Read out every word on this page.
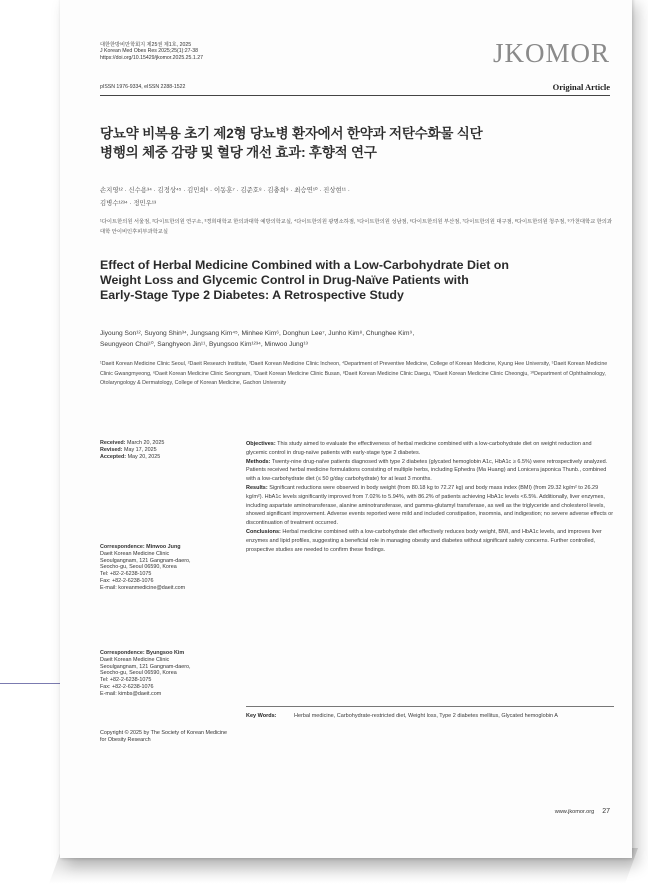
대한한방비만학회지 제25권 제1호, 2025
J Korean Med Obes Res 2025;25(1):27-38
https://doi.org/10.15429/jkomor.2025.25.1.27	JKOMOR
pISSN 1976-9334, eISSN 2288-1522	Original Article
당뇨약 비복용 초기 제2형 당뇨병 환자에서 한약과 저탄수화물 식단
병행의 체중 감량 및 혈당 개선 효과: 후향적 연구
손지영¹² · 신수용³⁴ · 김정상⁴⁵ · 김민희⁶ · 이동훈⁷ · 김준호⁸ · 김충희⁹ · 최승연¹⁰ · 진상현¹¹ ·
김병수¹²³⁴ · 정민우¹³
¹다이트한의원 서울점, ²다이트한의원 연구소, ³경희대학교 한의과대학 예방의학교실, ⁴다이트한의원 광명소하점, ⁵다이트한의원 성남점, ⁶다이트한의원 부산점, ⁷다이트한의원 대구점, ⁸다이트한의원 청주점, ⁹가천대학교 한의과대학 안이비인후피부과학교실
Effect of Herbal Medicine Combined with a Low-Carbohydrate Diet on
Weight Loss and Glycemic Control in Drug-Naïve Patients with
Early-Stage Type 2 Diabetes: A Retrospective Study
Jiyoung Son¹², Suyong Shin³⁴, Jungsang Kim⁴⁵, Minhee Kim⁶, Donghun Lee⁷, Junho Kim⁸, Chunghee Kim⁹,
Seungyeon Choi¹⁰, Sanghyeon Jin¹¹, Byungsoo Kim¹²³⁴, Minwoo Jung¹³
¹Daeit Korean Medicine Clinic Seoul, ²Daeit Research Institute, ³Daeit Korean Medicine Clinic Incheon, ⁴Department of Preventive Medicine, College of Korean Medicine, Kyung Hee University, ⁵Daeit Korean Medicine Clinic Gwangmyeong, ⁶Daeit Korean Medicine Clinic Seongnam, ⁷Daeit Korean Medicine Clinic Busan, ⁸Daeit Korean Medicine Clinic Daegu, ⁹Daeit Korean Medicine Clinic Cheongju, ¹⁰Department of Ophthalmology, Otolaryngology & Dermatology, College of Korean Medicine, Gachon University
Received: March 20, 2025
Revised: May 17, 2025
Accepted: May 20, 2025
Correspondence: Minwoo Jung
Daeit Korean Medicine Clinic
Seoulgangnam, 121 Gangnam-daero,
Seocho-gu, Seoul 06590, Korea
Tel: +82-2-6238-1075
Fax: +82-2-6238-1076
E-mail: koreanmedicine@daeit.com
Correspondence: Byungsoo Kim
Daeit Korean Medicine Clinic
Seoulgangnam, 121 Gangnam-daero,
Seocho-gu, Seoul 06590, Korea
Tel: +82-2-6238-1075
Fax: +82-2-6238-1076
E-mail: kimbs@daeit.com
Copyright © 2025 by The Society of Korean Medicine for Obesity Research
Objectives: This study aimed to evaluate the effectiveness of herbal medicine combined with a low-carbohydrate diet on weight reduction and glycemic control in drug-naïve patients with early-stage type 2 diabetes.
Methods: Twenty-nine drug-naïve patients diagnosed with type 2 diabetes (glycated hemoglobin A1c, HbA1c ≥ 6.5%) were retrospectively analyzed. Patients received herbal medicine formulations consisting of multiple herbs, including Ephedra (Ma Huang) and Lonicera japonica Thunb., combined with a low-carbohydrate diet (≤ 50 g/day carbohydrate) for at least 3 months.
Results: Significant reductions were observed in body weight (from 80.18 kg to 72.27 kg) and body mass index (BMI) (from 29.32 kg/m² to 26.29 kg/m²). HbA1c levels significantly improved from 7.02% to 5.94%, with 86.2% of patients achieving HbA1c levels <6.5%. Additionally, liver enzymes, including aspartate aminotransferase, alanine aminotransferase, and gamma-glutamyl transferase, as well as the triglyceride and cholesterol levels, showed significant improvement. Adverse events reported were mild and included constipation, insomnia, and indigestion; no severe adverse effects or discontinuation of treatment occurred.
Conclusions: Herbal medicine combined with a low-carbohydrate diet effectively reduces body weight, BMI, and HbA1c levels, and improves liver enzymes and lipid profiles, suggesting a beneficial role in managing obesity and diabetes without significant safety concerns. Further controlled, prospective studies are needed to confirm these findings.
Key Words:	Herbal medicine, Carbohydrate-restricted diet, Weight loss, Type 2 diabetes mellitus, Glycated hemoglobin A
www.jkomor.org 27
